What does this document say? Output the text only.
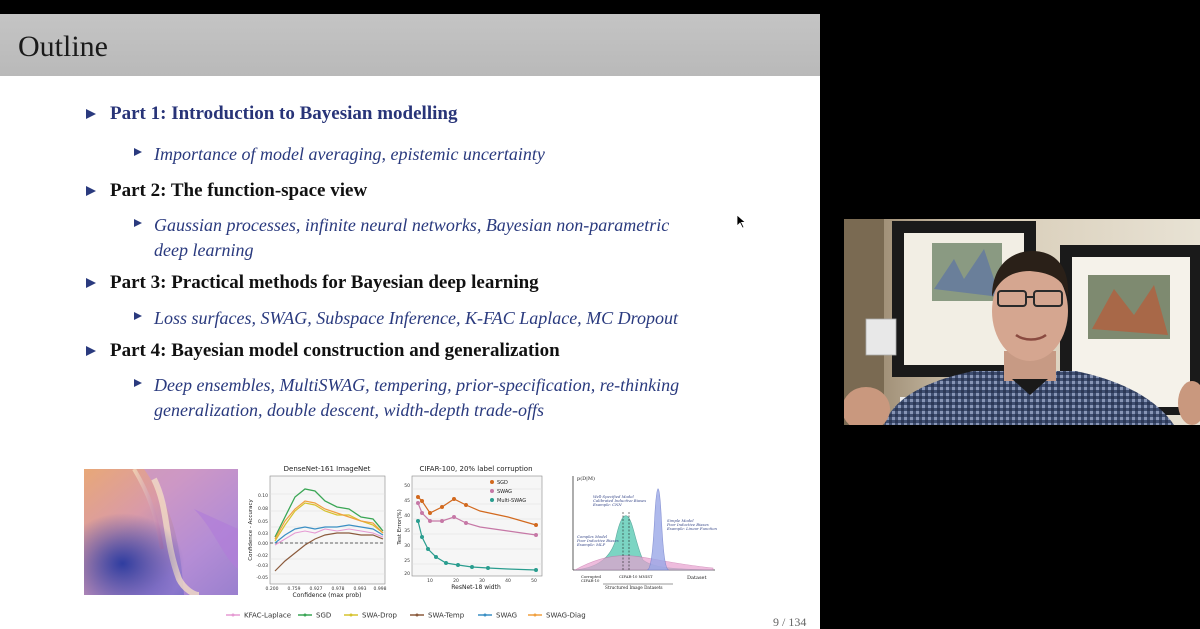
Outline
Part 1: Introduction to Bayesian modelling
Importance of model averaging, epistemic uncertainty
Part 2: The function-space view
Gaussian processes, infinite neural networks, Bayesian non-parametric
deep learning
Part 3: Practical methods for Bayesian deep learning
Loss surfaces, SWAG, Subspace Inference, K-FAC Laplace, MC Dropout
Part 4: Bayesian model construction and generalization
Deep ensembles, MultiSWAG, tempering, prior-specification, re-thinking
generalization, double descent, width-depth trade-offs
DenseNet-161 ImageNet
0.10
0.08
0.05
0.03
0.00
-0.02
-0.03
-0.05
0.200 0.759 0.927 0.978 0.993 0.998
Confidence (max prob)
Confidence - Accuracy
CIFAR-100, 20% label corruption
50
45
40
35
30
25
20
10	20	30	40	50
ResNet-18 width
Test Error(%)
SGD
SWAG
Multi-SWAG
p(D|M)
Well-Specified Model
Calibrated Inductive Biases
Example: CNN
Simple Model
Poor Inductive Biases
Example: Linear Function
Complex Model
Poor Inductive Biases
Example: MLP
Corrupted
CIFAR-10
CIFAR-10 MNIST
Structured Image Datasets
Dataset
KFAC-Laplace	SGD	SWA-Drop	SWA-Temp	SWAG	SWAG-Diag	9 / 134
